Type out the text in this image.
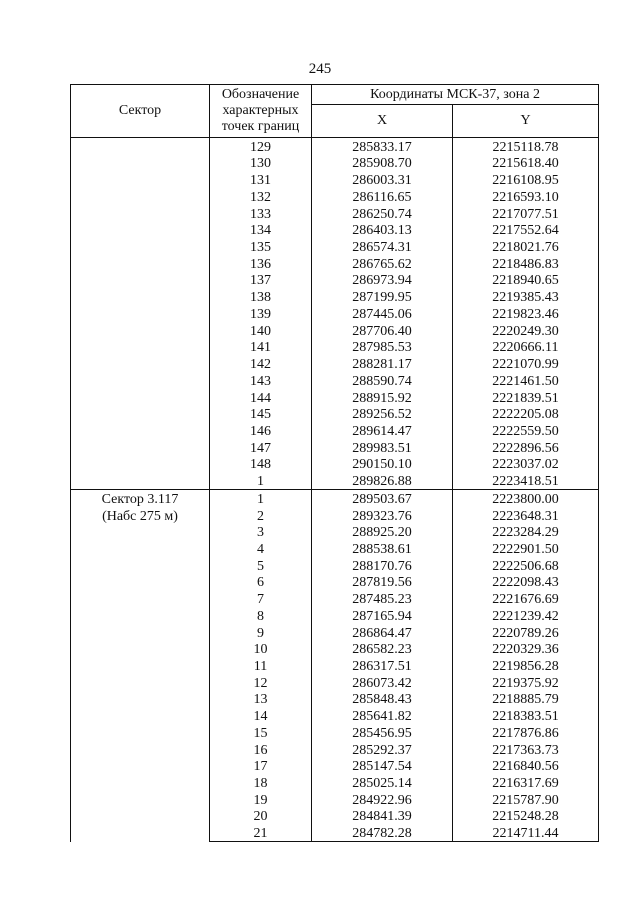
245
Сектор	Обозначение
характерных
точек границ	Координаты МСК-37, зона 2	
		X	Y
	129	285833.17	2215118.78
	130	285908.70	2215618.40
	131	286003.31	2216108.95
	132	286116.65	2216593.10
	133	286250.74	2217077.51
	134	286403.13	2217552.64
	135	286574.31	2218021.76
	136	286765.62	2218486.83
	137	286973.94	2218940.65
	138	287199.95	2219385.43
	139	287445.06	2219823.46
	140	287706.40	2220249.30
	141	287985.53	2220666.11
	142	288281.17	2221070.99
	143	288590.74	2221461.50
	144	288915.92	2221839.51
	145	289256.52	2222205.08
	146	289614.47	2222559.50
	147	289983.51	2222896.56
	148	290150.10	2223037.02
	1	289826.88	2223418.51

Сектор 3.117
(Набс 275 м)	1	289503.67	2223800.00
	2	289323.76	2223648.31
	3	288925.20	2223284.29
	4	288538.61	2222901.50
	5	288170.76	2222506.68
	6	287819.56	2222098.43
	7	287485.23	2221676.69
	8	287165.94	2221239.42
	9	286864.47	2220789.26
	10	286582.23	2220329.36
	11	286317.51	2219856.28
	12	286073.42	2219375.92
	13	285848.43	2218885.79
	14	285641.82	2218383.51
	15	285456.95	2217876.86
	16	285292.37	2217363.73
	17	285147.54	2216840.56
	18	285025.14	2216317.69
	19	284922.96	2215787.90
	20	284841.39	2215248.28
	21	284782.28	2214711.44
